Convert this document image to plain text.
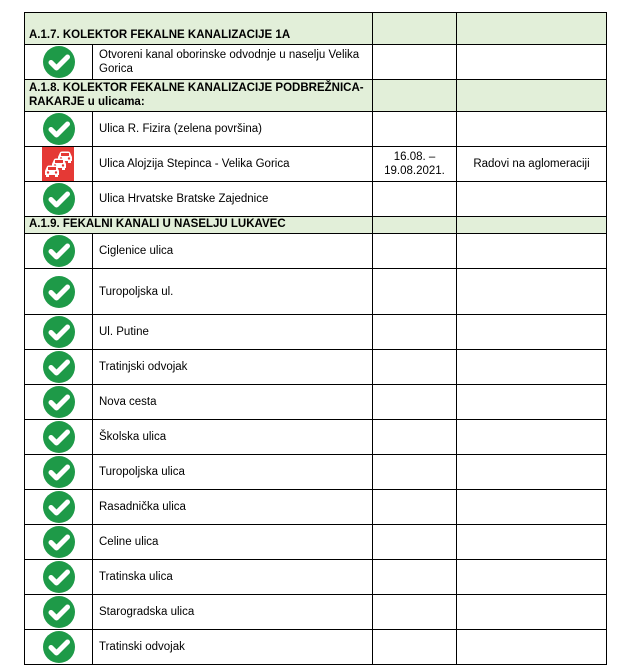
A.1.7. KOLEKTOR FEKALNE KANALIZACIJE 1A			

	Otvoreni kanal oborinske odvodnje u naselju Velika Gorica		
A.1.8. KOLEKTOR FEKALNE KANALIZACIJE PODBREŽNICA-RAKARJE u ulicama:			

	Ulica R. Fizira (zelena površina)		

	Ulica Alojzija Stepinca - Velika Gorica	16.08. – 19.08.2021.	Radovi na aglomeraciji

	Ulica Hrvatske Bratske Zajednice		
A.1.9. FEKALNI KANALI U NASELJU LUKAVEC			

	Ciglenice ulica		

	Turopoljska ul.		

	Ul. Putine		

	Tratinjski odvojak		

	Nova cesta		

	Školska ulica		

	Turopoljska ulica		

	Rasadnička ulica		

	Celine ulica		

	Tratinska ulica		

	Starogradska ulica		

	Tratinski odvojak		
